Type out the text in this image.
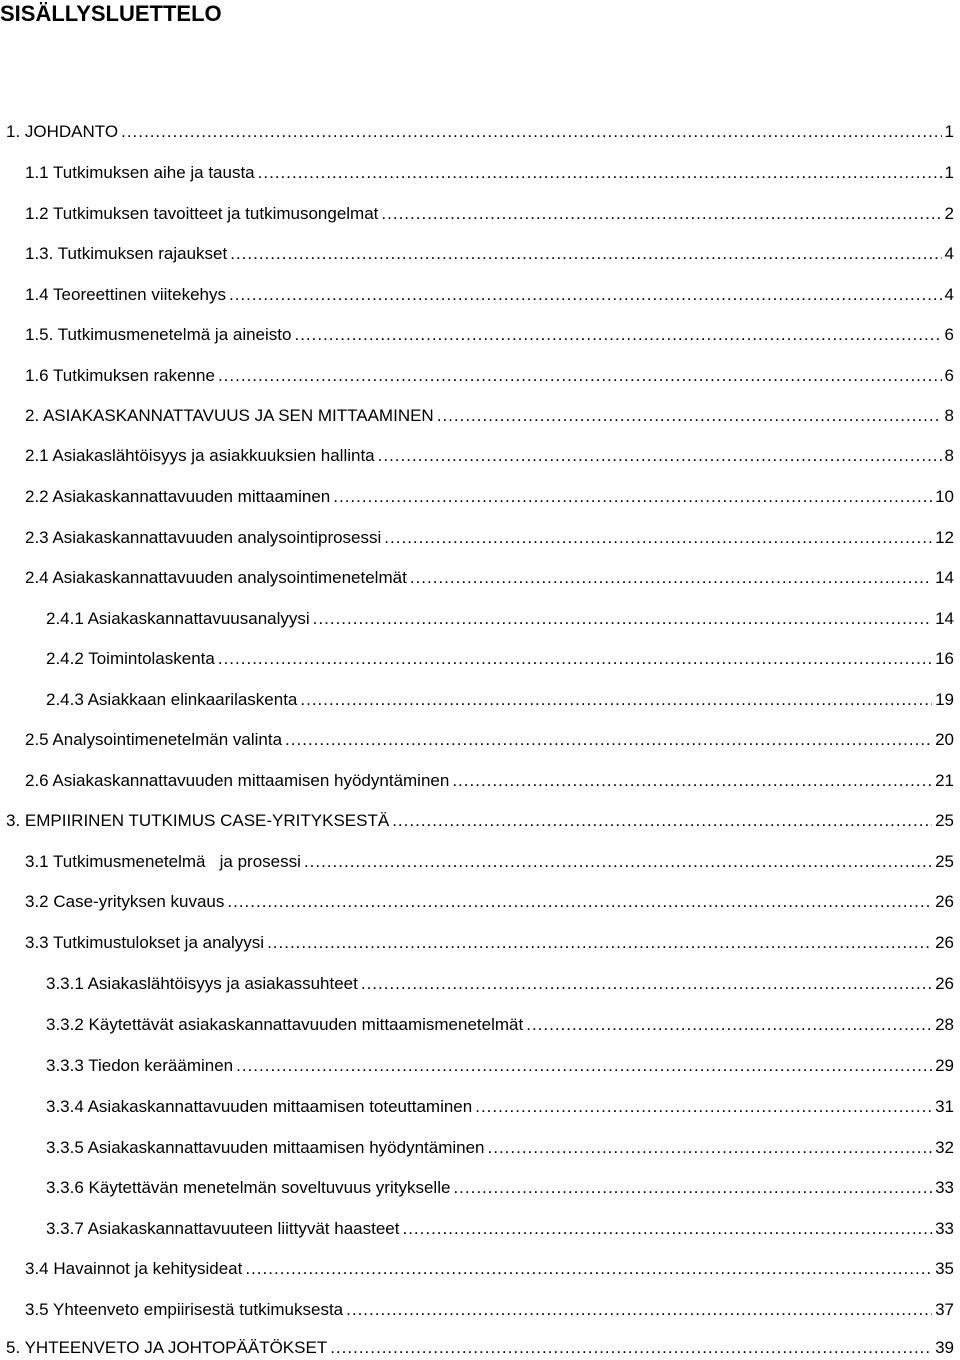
SISÄLLYSLUETTELO
1. JOHDANTO .....	1
1.1 Tutkimuksen aihe ja tausta .....	1
1.2 Tutkimuksen tavoitteet ja tutkimusongelmat .....	2
1.3. Tutkimuksen rajaukset .....	4
1.4 Teoreettinen viitekehys .....	4
1.5. Tutkimusmenetelmä ja aineisto .....	6
1.6 Tutkimuksen rakenne .....	6
2. ASIAKASKANNATTAVUUS JA SEN MITTAAMINEN .....	8
2.1 Asiakaslähtöisyys ja asiakkuuksien hallinta .....	8
2.2 Asiakaskannattavuuden mittaaminen .....	10
2.3 Asiakaskannattavuuden analysointiprosessi .....	12
2.4 Asiakaskannattavuuden analysointimenetelmät .....	14
2.4.1 Asiakaskannattavuusanalyysi .....	14
2.4.2 Toimintolaskenta .....	16
2.4.3 Asiakkaan elinkaarilaskenta .....	19
2.5 Analysointimenetelmän valinta .....	20
2.6 Asiakaskannattavuuden mittaamisen hyödyntäminen .....	21
3. EMPIIRINEN TUTKIMUS CASE-YRITYKSESTÄ .....	25
3.1 Tutkimusmenetelmä   ja prosessi .....	25
3.2 Case-yrityksen kuvaus .....	26
3.3 Tutkimustulokset ja analyysi .....	26
3.3.1 Asiakaslähtöisyys ja asiakassuhteet .....	26
3.3.2 Käytettävät asiakaskannattavuuden mittaamismenetelmät .....	28
3.3.3 Tiedon kerääminen .....	29
3.3.4 Asiakaskannattavuuden mittaamisen toteuttaminen .....	31
3.3.5 Asiakaskannattavuuden mittaamisen hyödyntäminen .....	32
3.3.6 Käytettävän menetelmän soveltuvuus yritykselle .....	33
3.3.7 Asiakaskannattavuuteen liittyvät haasteet .....	33
3.4 Havainnot ja kehitysideat .....	35
3.5 Yhteenveto empiirisestä tutkimuksesta .....	37
5. YHTEENVETO JA JOHTOPÄÄTÖKSET .....	39
